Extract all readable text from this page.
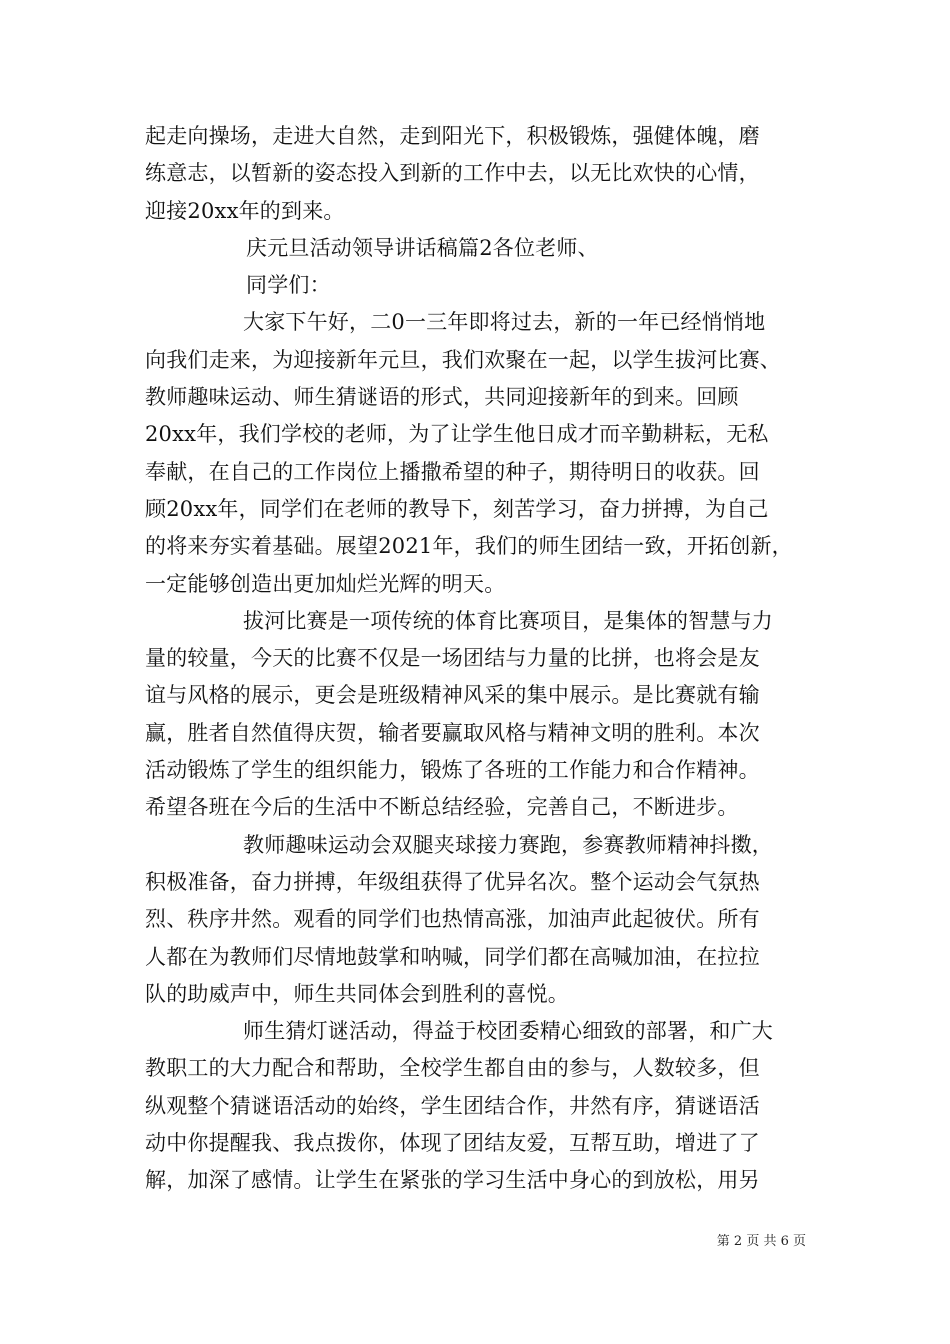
起走向操场，走进大自然，走到阳光下，积极锻炼，强健体魄，磨
练意志，以暂新的姿态投入到新的工作中去，以无比欢快的心情，
迎接20xx年的到来。
庆元旦活动领导讲话稿篇2各位老师、
同学们：
大家下午好，二0一三年即将过去，新的一年已经悄悄地
向我们走来，为迎接新年元旦，我们欢聚在一起，以学生拔河比赛、
教师趣味运动、师生猜谜语的形式，共同迎接新年的到来。回顾
20xx年，我们学校的老师，为了让学生他日成才而辛勤耕耘，无私
奉献，在自己的工作岗位上播撒希望的种子，期待明日的收获。回
顾20xx年，同学们在老师的教导下，刻苦学习，奋力拼搏，为自己
的将来夯实着基础。展望2021年，我们的师生团结一致，开拓创新，
一定能够创造出更加灿烂光辉的明天。
拔河比赛是一项传统的体育比赛项目，是集体的智慧与力
量的较量，今天的比赛不仅是一场团结与力量的比拼，也将会是友
谊与风格的展示，更会是班级精神风采的集中展示。是比赛就有输
赢，胜者自然值得庆贺，输者要赢取风格与精神文明的胜利。本次
活动锻炼了学生的组织能力，锻炼了各班的工作能力和合作精神。
希望各班在今后的生活中不断总结经验，完善自己，不断进步。
教师趣味运动会双腿夹球接力赛跑，参赛教师精神抖擞，
积极准备，奋力拼搏，年级组获得了优异名次。整个运动会气氛热
烈、秩序井然。观看的同学们也热情高涨，加油声此起彼伏。所有
人都在为教师们尽情地鼓掌和呐喊，同学们都在高喊加油，在拉拉
队的助威声中，师生共同体会到胜利的喜悦。
师生猜灯谜活动，得益于校团委精心细致的部署，和广大
教职工的大力配合和帮助，全校学生都自由的参与，人数较多，但
纵观整个猜谜语活动的始终，学生团结合作，井然有序，猜谜语活
动中你提醒我、我点拨你，体现了团结友爱，互帮互助，增进了了
解，加深了感情。让学生在紧张的学习生活中身心的到放松，用另
第 2 页 共 6 页
